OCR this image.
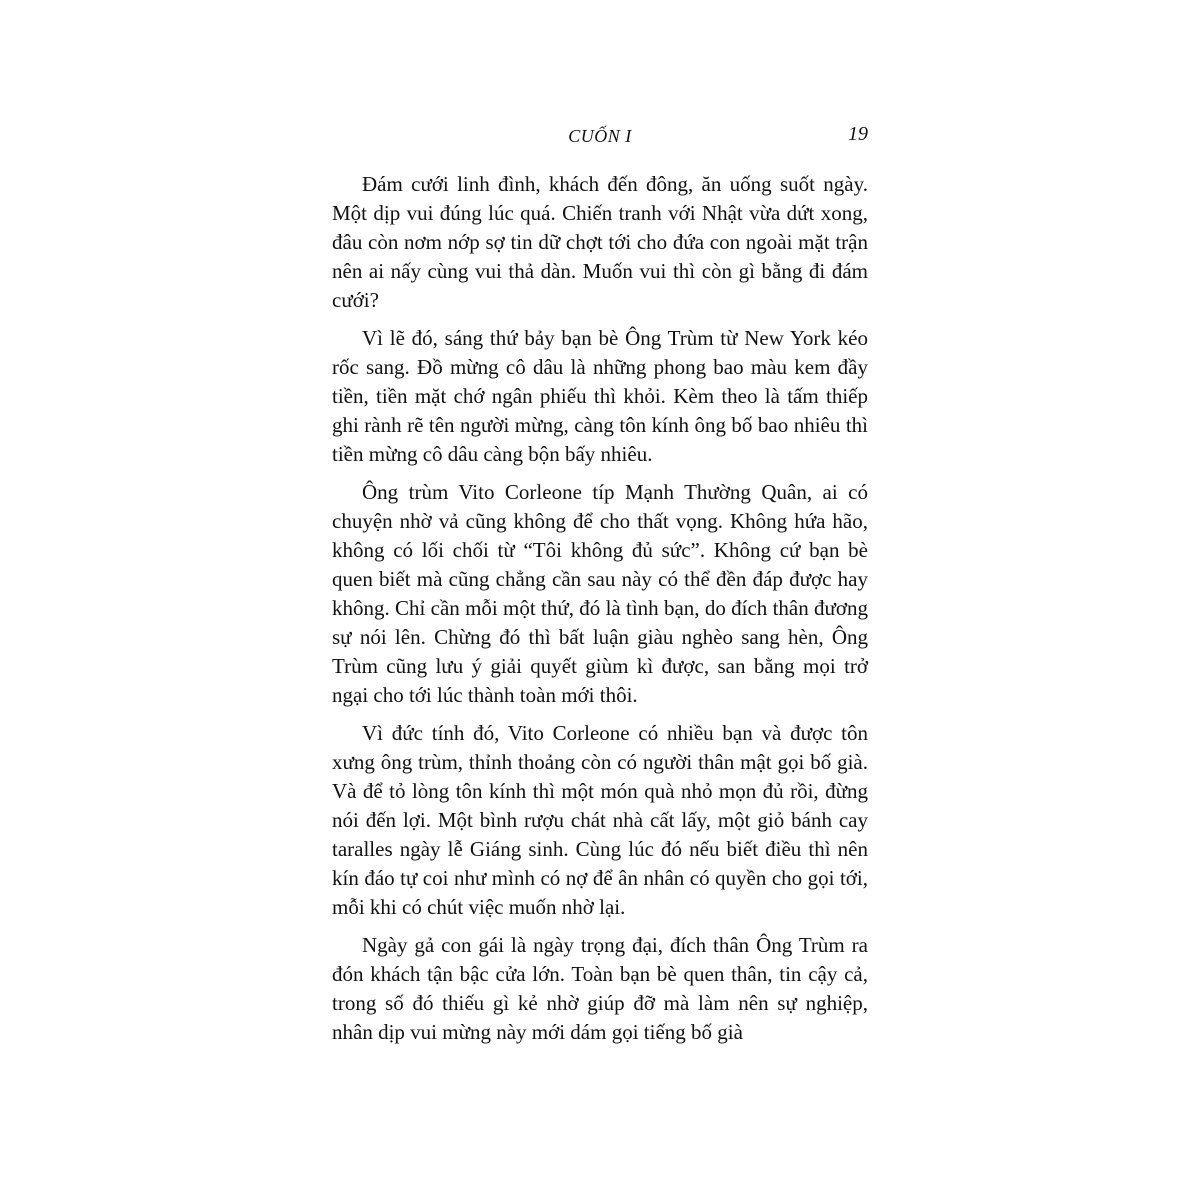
CUỐN I	19

Đám cưới linh đình, khách đến đông, ăn uống suốt ngày. Một dịp vui đúng lúc quá. Chiến tranh với Nhật vừa dứt xong, đâu còn nơm nớp sợ tin dữ chợt tới cho đứa con ngoài mặt trận nên ai nấy cùng vui thả dàn. Muốn vui thì còn gì bằng đi đám cưới?

Vì lẽ đó, sáng thứ bảy bạn bè Ông Trùm từ New York kéo rốc sang. Đồ mừng cô dâu là những phong bao màu kem đầy tiền, tiền mặt chớ ngân phiếu thì khỏi. Kèm theo là tấm thiếp ghi rành rẽ tên người mừng, càng tôn kính ông bố bao nhiêu thì tiền mừng cô dâu càng bộn bấy nhiêu.

Ông trùm Vito Corleone típ Mạnh Thường Quân, ai có chuyện nhờ vả cũng không để cho thất vọng. Không hứa hão, không có lối chối từ “Tôi không đủ sức”. Không cứ bạn bè quen biết mà cũng chẳng cần sau này có thể đền đáp được hay không. Chỉ cần mỗi một thứ, đó là tình bạn, do đích thân đương sự nói lên. Chừng đó thì bất luận giàu nghèo sang hèn, Ông Trùm cũng lưu ý giải quyết giùm kì được, san bằng mọi trở ngại cho tới lúc thành toàn mới thôi.

Vì đức tính đó, Vito Corleone có nhiều bạn và được tôn xưng ông trùm, thỉnh thoảng còn có người thân mật gọi bố già. Và để tỏ lòng tôn kính thì một món quà nhỏ mọn đủ rồi, đừng nói đến lợi. Một bình rượu chát nhà cất lấy, một giỏ bánh cay taralles ngày lễ Giáng sinh. Cùng lúc đó nếu biết điều thì nên kín đáo tự coi như mình có nợ để ân nhân có quyền cho gọi tới, mỗi khi có chút việc muốn nhờ lại.

Ngày gả con gái là ngày trọng đại, đích thân Ông Trùm ra đón khách tận bậc cửa lớn. Toàn bạn bè quen thân, tin cậy cả, trong số đó thiếu gì kẻ nhờ giúp đỡ mà làm nên sự nghiệp, nhân dịp vui mừng này mới dám gọi tiếng bố già
